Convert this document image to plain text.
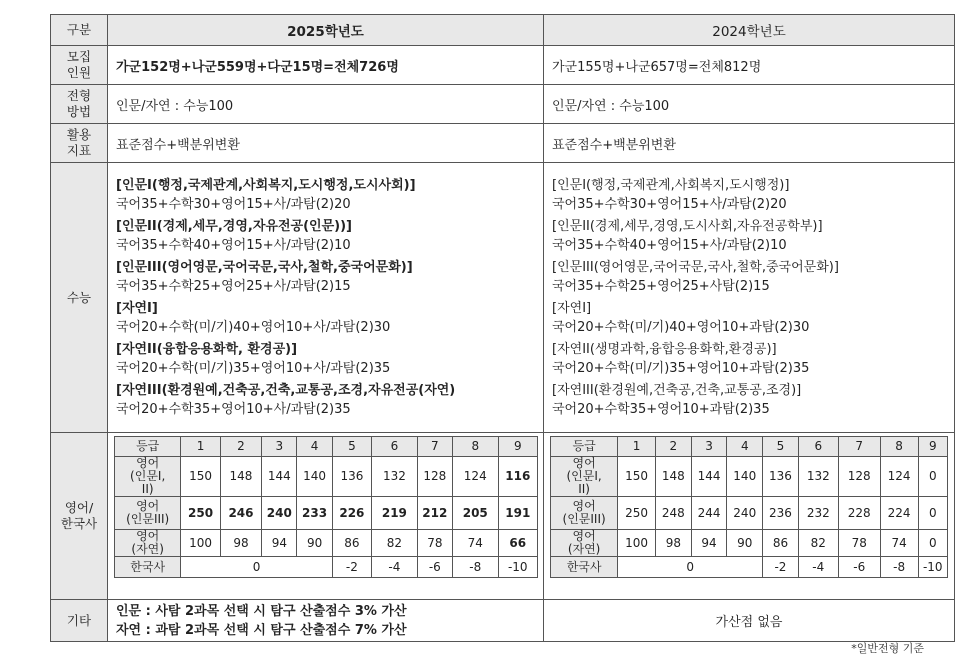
구분	2025학년도	2024학년도

모집
인원	가군152명+나군559명+다군15명=전체726명	가군155명+나군657명=전체812명

전형
방법	인문/자연 : 수능100	인문/자연 : 수능100

활용
지표	표준점수+백분위변환	표준점수+백분위변환
수능	
[인문I(행정,국제관계,사회복지,도시행정,도시사회)]
국어35+수학30+영어15+사/과탐(2)20
[인문II(경제,세무,경영,자유전공(인문))]
국어35+수학40+영어15+사/과탐(2)10
[인문III(영어영문,국어국문,국사,철학,중국어문화)]
국어35+수학25+영어25+사/과탐(2)15
[자연I]
국어20+수학(미/기)40+영어10+사/과탐(2)30
[자연II(융합응용화학, 환경공)]
국어20+수학(미/기)35+영어10+사/과탐(2)35
[자연III(환경원예,건축공,건축,교통공,조경,자유전공(자연)
국어20+수학35+영어10+사/과탐(2)35

[인문I(행정,국제관계,사회복지,도시행정)]
국어35+수학30+영어15+사/과탐(2)20
[인문II(경제,세무,경영,도시사회,자유전공학부)]
국어35+수학40+영어15+사/과탐(2)10
[인문III(영어영문,국어국문,국사,철학,중국어문화)]
국어35+수학25+영어25+사탐(2)15
[자연I]
국어20+수학(미/기)40+영어10+과탐(2)30
[자연II(생명과학,융합응용화학,환경공)]
국어20+수학(미/기)35+영어10+과탐(2)35
[자연III(환경원예,건축공,건축,교통공,조경)]
국어20+수학35+영어10+과탐(2)35

영어/
한국사

등급	1	2	3	4	5	6	7	8	9
영어
(인문I,
II)	150	148	144	140	136	132	128	124	116
영어
(인문III)	250	246	240	233	226	219	212	205	191
영어
(자연)	100	98	94	90	86	82	78	74	66
한국사	0	-2	-4	-6	-8	-10

등급	1	2	3	4	5	6	7	8	9
영어
(인문I,
II)	150	148	144	140	136	132	128	124	0
영어
(인문III)	250	248	244	240	236	232	228	224	0
영어
(자연)	100	98	94	90	86	82	78	74	0
한국사	0	-2	-4	-6	-8	-10

기타	
인문 : 사탐 2과목 선택 시 탐구 산출점수 3% 가산
자연 : 과탐 2과목 선택 시 탐구 산출점수 7% 가산	가산점 없음
*일반전형 기준
